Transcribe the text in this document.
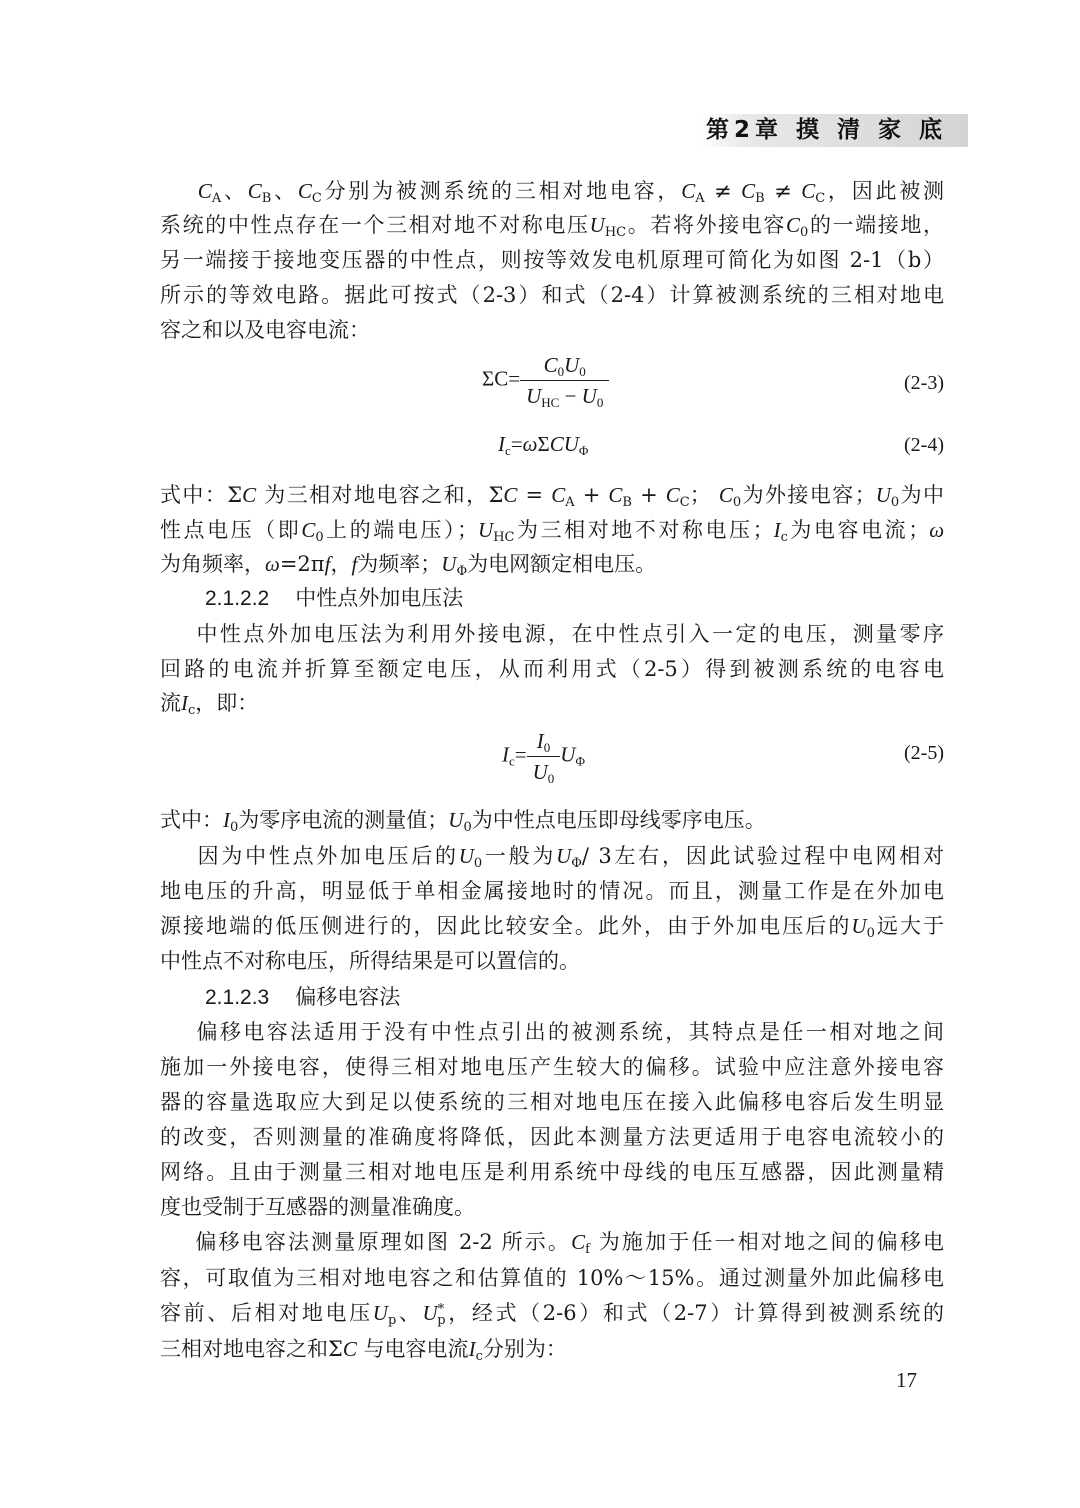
第2章 摸 清 家 底
$C_A$、$C_B$、$C_C$分别为被测系统的三相对地电容，$C_A \ne C_B \ne C_C$，因此被测
系统的中性点存在一个三相对地不对称电压$U_{HC}$。若将外接电容$C_0$的一端接地，
另一端接于接地变压器的中性点，则按等效发电机原理可简化为如图 2-1（b）
所示的等效电路。据此可按式（2-3）和式（2-4）计算被测系统的三相对地电
容之和以及电容电流：
$\Sigma C= \frac{C_0U_0}{U_{HC} - U_0}$	(2-3)
$I_c=\omega\Sigma CU_\Phi$	(2-4)
式中：ΣC 为三相对地电容之和，$\Sigma C = C_A + C_B + C_C$； $C_0$为外接电容；$U_0$为中
性点电压（即$C_0$上的端电压）；$U_{HC}$为三相对地不对称电压；$I_c$为电容电流；ω
为角频率，ω=2πf，f为频率；$U_\Phi$为电网额定相电压。
2.1.2.2 中性点外加电压法
中性点外加电压法为利用外接电源，在中性点引入一定的电压，测量零序
回路的电流并折算至额定电压，从而利用式（2-5）得到被测系统的电容电
流$I_c$，即：
$I_c= \frac{I_0}{U_0} U_\Phi$	(2-5)
式中：$I_0$为零序电流的测量值；$U_0$为中性点电压即母线零序电压。
因为中性点外加电压后的$U_0$一般为$U_\Phi/$ 3左右，因此试验过程中电网相对
地电压的升高，明显低于单相金属接地时的情况。而且，测量工作是在外加电
源接地端的低压侧进行的，因此比较安全。此外，由于外加电压后的$U_0$远大于
中性点不对称电压，所得结果是可以置信的。
2.1.2.3 偏移电容法
偏移电容法适用于没有中性点引出的被测系统，其特点是任一相对地之间
施加一外接电容，使得三相对地电压产生较大的偏移。试验中应注意外接电容
器的容量选取应大到足以使系统的三相对地电压在接入此偏移电容后发生明显
的改变，否则测量的准确度将降低，因此本测量方法更适用于电容电流较小的
网络。且由于测量三相对地电压是利用系统中母线的电压互感器，因此测量精
度也受制于互感器的测量准确度。
偏移电容法测量原理如图 2-2 所示。$C_f$ 为施加于任一相对地之间的偏移电
容，可取值为三相对地电容之和估算值的 10%～15%。通过测量外加此偏移电
容前、后相对地电压$U_p$、$U^*_p$，经式（2-6）和式（2-7）计算得到被测系统的
三相对地电容之和ΣC 与电容电流$I_c$分别为：
17
